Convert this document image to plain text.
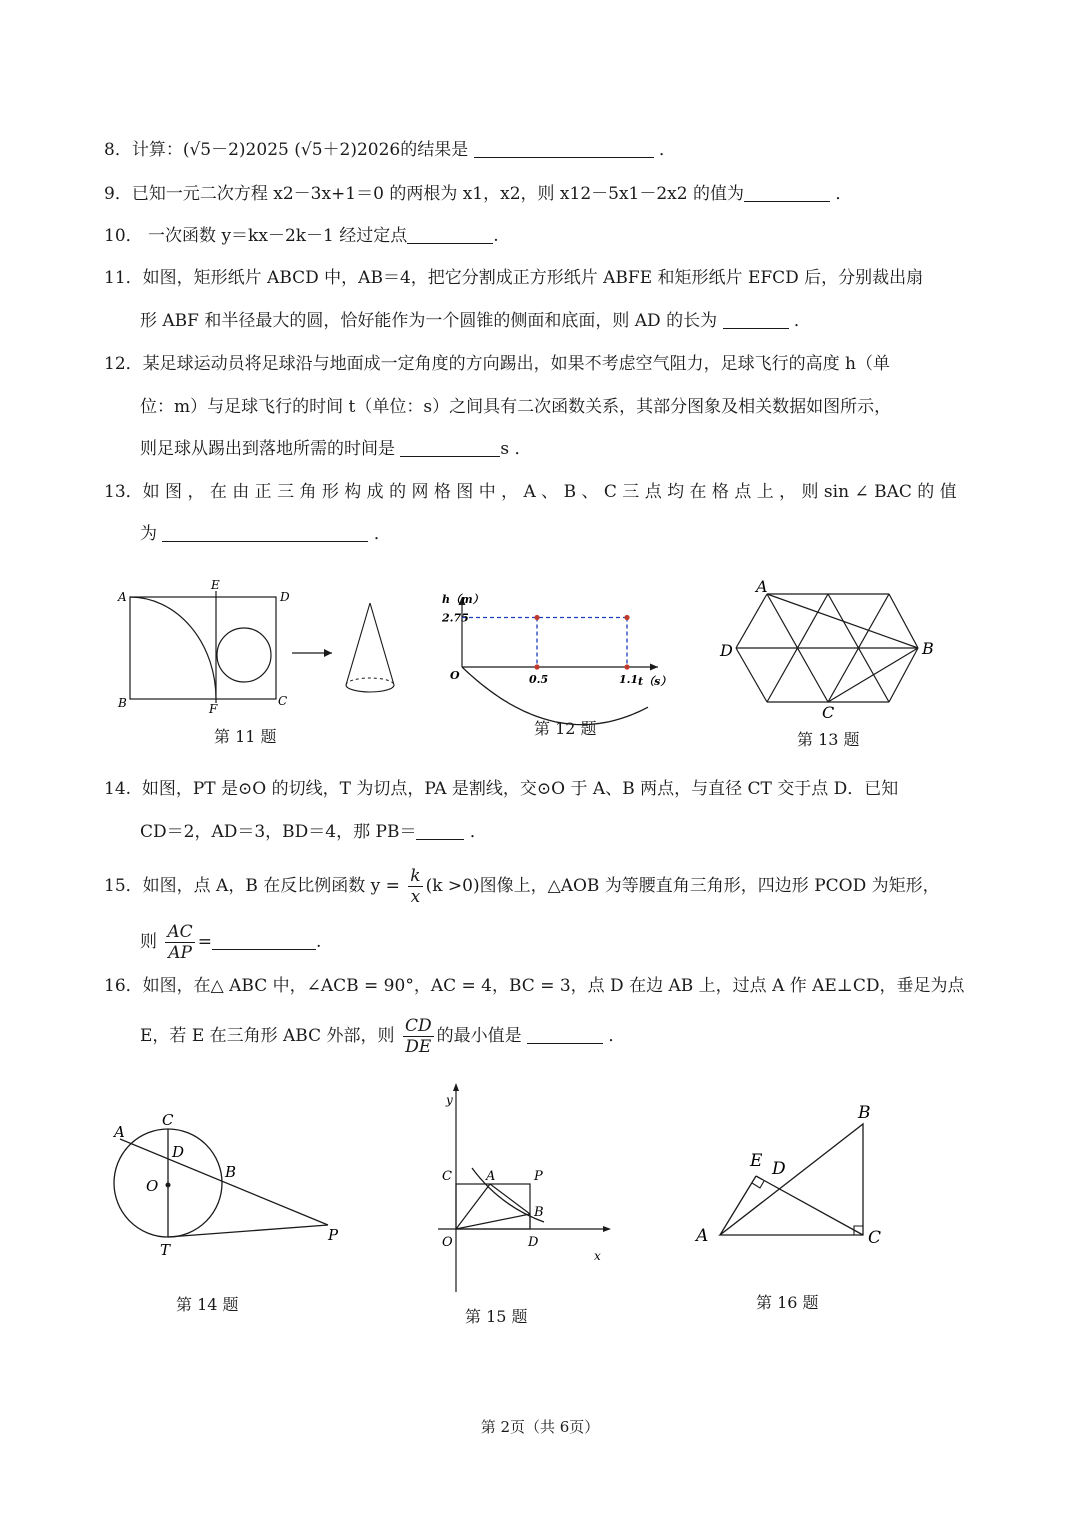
8．计算：(√5－2)2025 (√5＋2)2026的结果是	．
9．已知一元二次方程 x2－3x+1＝0 的两根为 x1，x2，则 x12－5x1－2x2 的值为	．
10． 一次函数 y＝kx－2k－1 经过定点	.
11．如图，矩形纸片 ABCD 中，AB＝4，把它分割成正方形纸片 ABFE 和矩形纸片 EFCD 后，分别裁出扇
形 ABF 和半径最大的圆，恰好能作为一个圆锥的侧面和底面，则 AD 的长为	．
12．某足球运动员将足球沿与地面成一定角度的方向踢出，如果不考虑空气阻力，足球飞行的高度 h（单
位：m）与足球飞行的时间 t（单位：s）之间具有二次函数关系，其部分图象及相关数据如图所示，
则足球从踢出到落地所需的时间是	s ．
13．如 图 ， 在 由 正 三 角 形 构 成 的 网 格 图 中 ， A 、 B 、 C 三 点 均 在 格 点 上 ， 则 sin ∠ BAC 的 值
为	．
A
E
D
B	F
C
第 11 题
0.5	1.1
2.75
h（m）
t（s）
O
第 12 题
A
B
C
D
第 13 题
14. 如图，PT 是⊙O 的切线，T 为切点，PA 是割线，交⊙O 于 A、B 两点，与直径 CT 交于点 D．已知
CD＝2，AD＝3，BD＝4，那 PB＝	．
15．如图，点 A，B 在反比例函数 $y = \frac{k}{x} (k >0)$图像上，△AOB 为等腰直角三角形，四边形 PCOD 为矩形，
则 $\frac{AC}{AP}$ =	.
16．如图，在△ ABC 中，∠ACB = 90°，AC = 4，BC = 3，点 D 在边 AB 上，过点 A 作 AE⊥CD，垂足为点
E，若 E 在三角形 ABC 外部，则 $\frac{CD}{DE}$ 的最小值是	．
A
C
D
B
O
T
P
第 14 题
y
x
C	A	P
B
O	D
第 15 题
B
E D
A	C
第 16 题
第 2页（共 6页）
